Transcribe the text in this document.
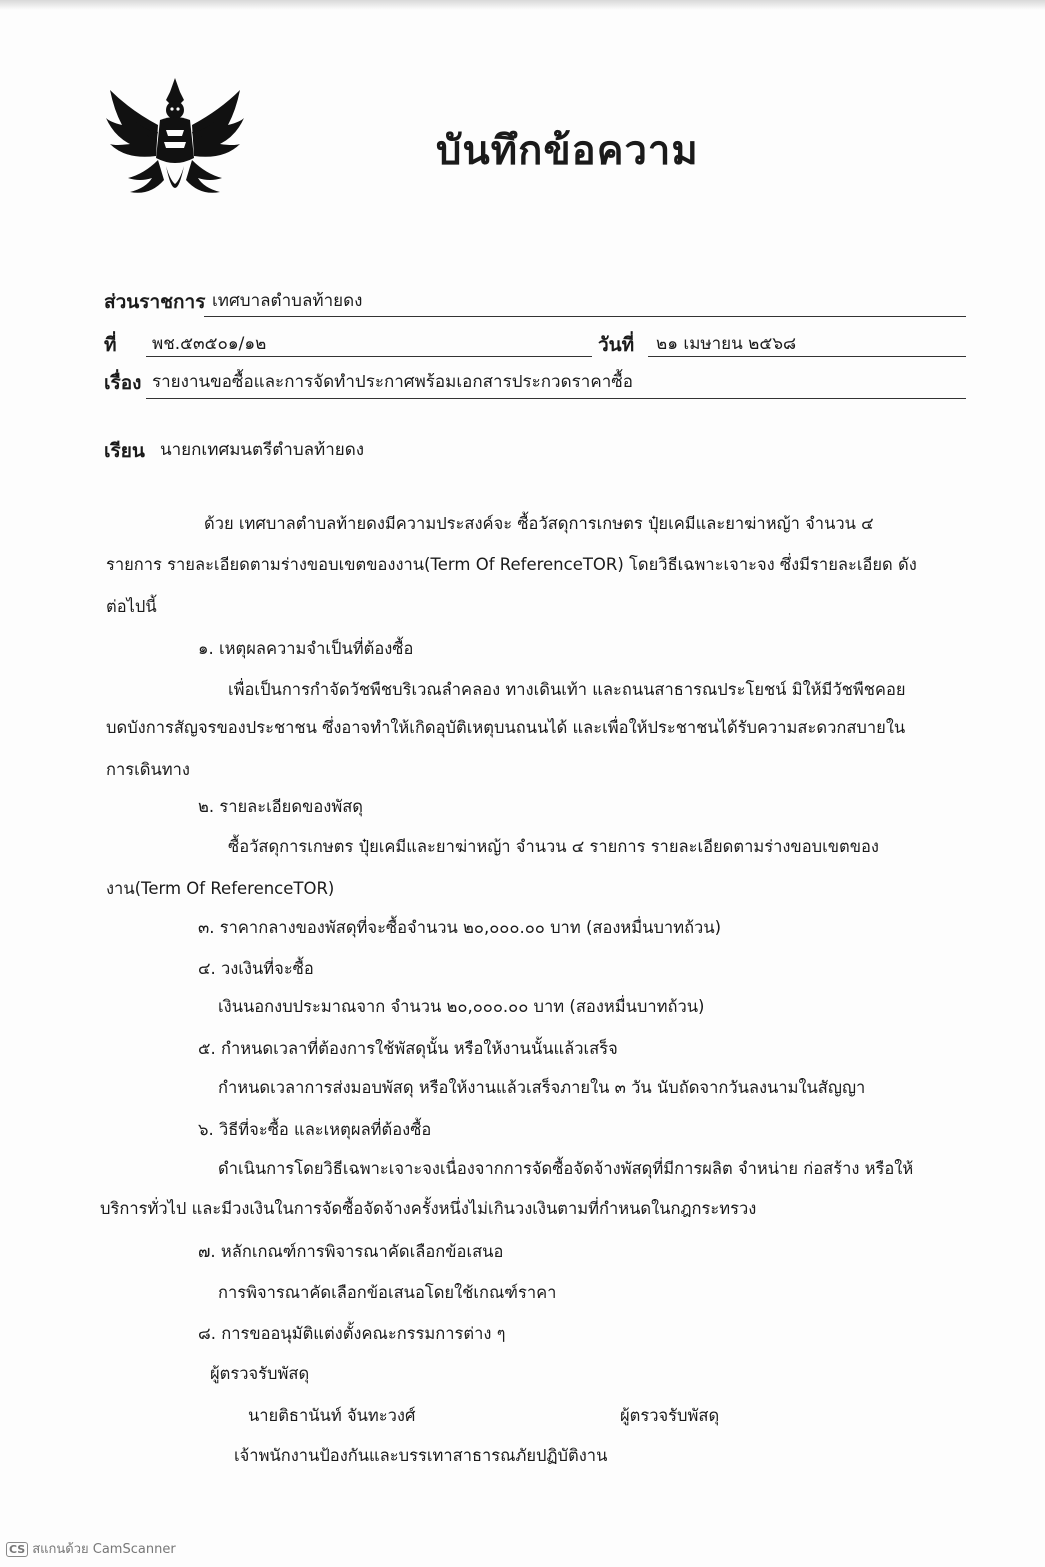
บันทึกข้อความ
ส่วนราชการ เทศบาลตำบลท้ายดง
ที่ พช.๕๓๕๐๑/๑๒	วันที่ ๒๑ เมษายน ๒๕๖๘
เรื่อง รายงานขอซื้อและการจัดทำประกาศพร้อมเอกสารประกวดราคาซื้อ
เรียน นายกเทศมนตรีตำบลท้ายดง
ด้วย เทศบาลตำบลท้ายดงมีความประสงค์จะ ซื้อวัสดุการเกษตร ปุ๋ยเคมีและยาฆ่าหญ้า จำนวน ๔
รายการ รายละเอียดตามร่างขอบเขตของงาน(Term Of ReferenceTOR) โดยวิธีเฉพาะเจาะจง ซึ่งมีรายละเอียด ดัง
ต่อไปนี้
๑. เหตุผลความจำเป็นที่ต้องซื้อ
เพื่อเป็นการกำจัดวัชพืชบริเวณลำคลอง ทางเดินเท้า และถนนสาธารณประโยชน์ มิให้มีวัชพืชคอย
บดบังการสัญจรของประชาชน ซึ่งอาจทำให้เกิดอุบัติเหตุบนถนนได้ และเพื่อให้ประชาชนได้รับความสะดวกสบายใน
การเดินทาง
๒. รายละเอียดของพัสดุ
ซื้อวัสดุการเกษตร ปุ๋ยเคมีและยาฆ่าหญ้า จำนวน ๔ รายการ รายละเอียดตามร่างขอบเขตของ
งาน(Term Of ReferenceTOR)
๓. ราคากลางของพัสดุที่จะซื้อจำนวน ๒๐,๐๐๐.๐๐ บาท (สองหมื่นบาทถ้วน)
๔. วงเงินที่จะซื้อ
เงินนอกงบประมาณจาก จำนวน ๒๐,๐๐๐.๐๐ บาท (สองหมื่นบาทถ้วน)
๕. กำหนดเวลาที่ต้องการใช้พัสดุนั้น หรือให้งานนั้นแล้วเสร็จ
กำหนดเวลาการส่งมอบพัสดุ หรือให้งานแล้วเสร็จภายใน ๓ วัน นับถัดจากวันลงนามในสัญญา
๖. วิธีที่จะซื้อ และเหตุผลที่ต้องซื้อ
ดำเนินการโดยวิธีเฉพาะเจาะจงเนื่องจากการจัดซื้อจัดจ้างพัสดุที่มีการผลิต จำหน่าย ก่อสร้าง หรือให้
บริการทั่วไป และมีวงเงินในการจัดซื้อจัดจ้างครั้งหนึ่งไม่เกินวงเงินตามที่กำหนดในกฎกระทรวง
๗. หลักเกณฑ์การพิจารณาคัดเลือกข้อเสนอ
การพิจารณาคัดเลือกข้อเสนอโดยใช้เกณฑ์ราคา
๘. การขออนุมัติแต่งตั้งคณะกรรมการต่าง ๆ
ผู้ตรวจรับพัสดุ
นายติธานันท์ จันทะวงศ์	ผู้ตรวจรับพัสดุ
เจ้าพนักงานป้องกันและบรรเทาสาธารณภัยปฏิบัติงาน
CS สแกนด้วย CamScanner
